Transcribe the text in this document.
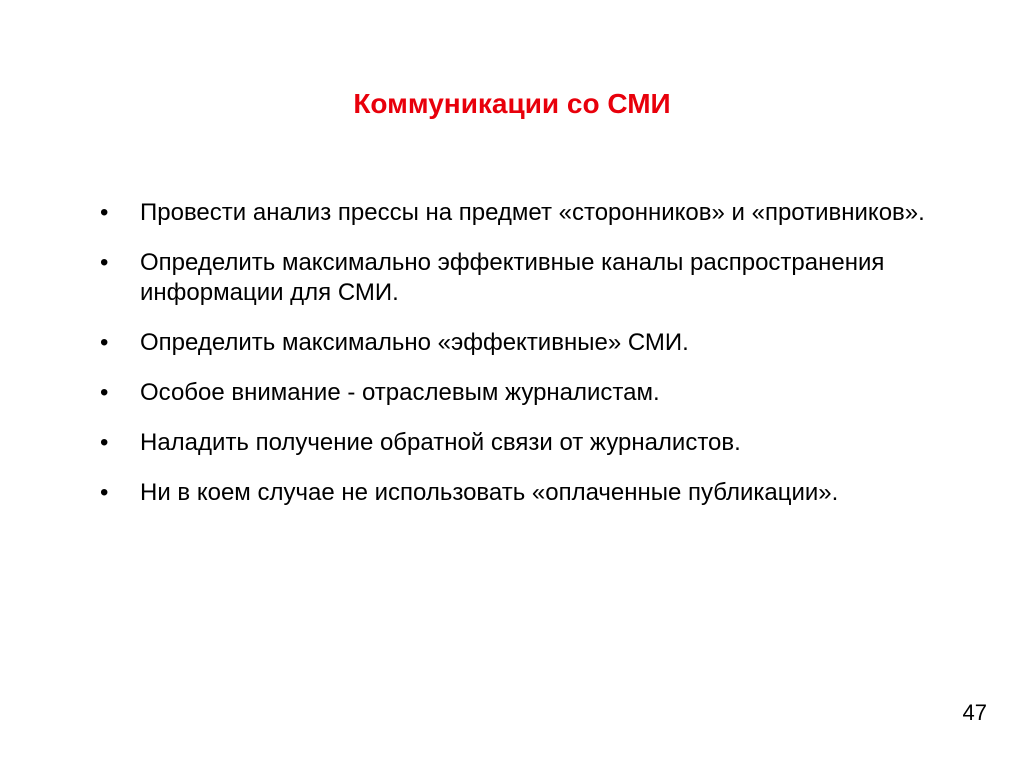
Коммуникации со СМИ
• Провести анализ прессы на предмет «сторонников» и «противников».
• Определить максимально эффективные каналы распространения информации для СМИ.
• Определить максимально «эффективные» СМИ.
• Особое внимание - отраслевым журналистам.
• Наладить получение обратной связи от журналистов.
• Ни в коем случае не использовать «оплаченные публикации».
47
